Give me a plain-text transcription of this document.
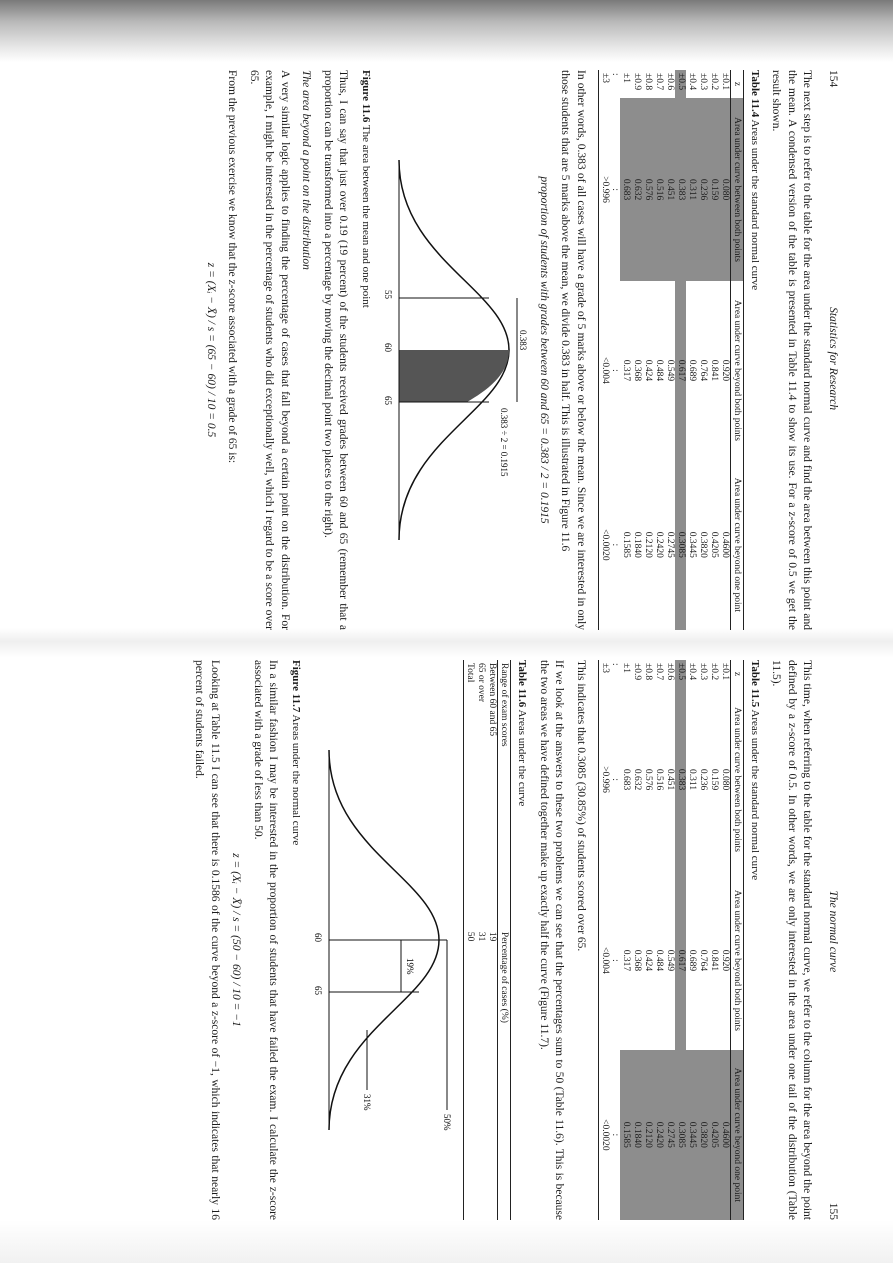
154
Statistics for Research

The next step is to refer to the table for the area under the standard normal curve and find the area between this point and the mean. A condensed version of the table is presented in Table 11.4 to show its use. For a z-score of 0.5 we get the result shown.

Table 11.4 Areas under the standard normal curve
z	Area under curve between both points	Area under curve beyond both points	Area under curve beyond one point
±0.1	0.080	0.920	0.4600
±0.2	0.159	0.841	0.4205
±0.3	0.236	0.764	0.3820
±0.4	0.311	0.689	0.3445
±0.5	0.383	0.617	0.3085
±0.6	0.451	0.549	0.2745
±0.7	0.516	0.484	0.2420
±0.8	0.576	0.424	0.2120
±0.9	0.632	0.368	0.1840
±1	0.683	0.317	0.1585
:	:	:	:
±3	>0.996	<0.004	<0.0020

In other words, 0.383 of all cases will have a grade of 5 marks above or below the mean. Since we are interested in only those students that are 5 marks above the mean, we divide 0.383 in half. This is illustrated in Figure 11.6

proportion of students with grades between 60 and 65 = 0.383 / 2 = 0.1915

0.383
0.383 ÷ 2 = 0.1915
55
60
65
Figure 11.6 The area between the mean and one point

Thus, I can say that just over 0.19 (19 percent) of the students received grades between 60 and 65 (remember that a proportion can be transformed into a percentage by moving the decimal point two places to the right).

The area beyond a point on the distribution

A very similar logic applies to finding the percentage of cases that fall beyond a certain point on the distribution. For example, I might be interested in the percentage of students who did exceptionally well, which I regard to be a score over 65.

From the previous exercise we know that the z-score associated with a grade of 65 is:

z = (Xᵢ − X̄) / s = (65 − 60) / 10 = 0.5

The normal curve
155

This time, when referring to the table for the standard normal curve, we refer to the column for the area beyond the point defined by a z-score of 0.5. In other words, we are only interested in the area under one tail of the distribution (Table 11.5).

Table 11.5 Areas under the standard normal curve
z	Area under curve between both points	Area under curve beyond both points	Area under curve beyond one point
±0.1	0.080	0.920	0.4600
±0.2	0.159	0.841	0.4205
±0.3	0.236	0.764	0.3820
±0.4	0.311	0.689	0.3445
±0.5	0.383	0.617	0.3085
±0.6	0.451	0.549	0.2745
±0.7	0.516	0.484	0.2420
±0.8	0.576	0.424	0.2120
±0.9	0.632	0.368	0.1840
±1	0.683	0.317	0.1585
:	:	:	:
±3	>0.996	<0.004	<0.0020

This indicates that 0.3085 (30.85%) of students scored over 65.

If we look at the answers to these two problems we can see that the percentages sum to 50 (Table 11.6). This is because the two areas we have defined together make up exactly half the curve (Figure 11.7).

Table 11.6 Areas under the curve
Range of exam scores	Percentage of cases (%)
Between 60 and 65	19
65 or over	31
Total	50
19%
31%
50%
60
65
Figure 11.7 Areas under the normal curve

In a similar fashion I may be interested in the proportion of students that have failed the exam. I calculate the z-score associated with a grade of less than 50.

z = (Xᵢ − X̄) / s = (50 − 60) / 10 = −1

Looking at Table 11.5 I can see that there is 0.1586 of the curve beyond a z-score of −1, which indicates that nearly 16 percent of students failed.
